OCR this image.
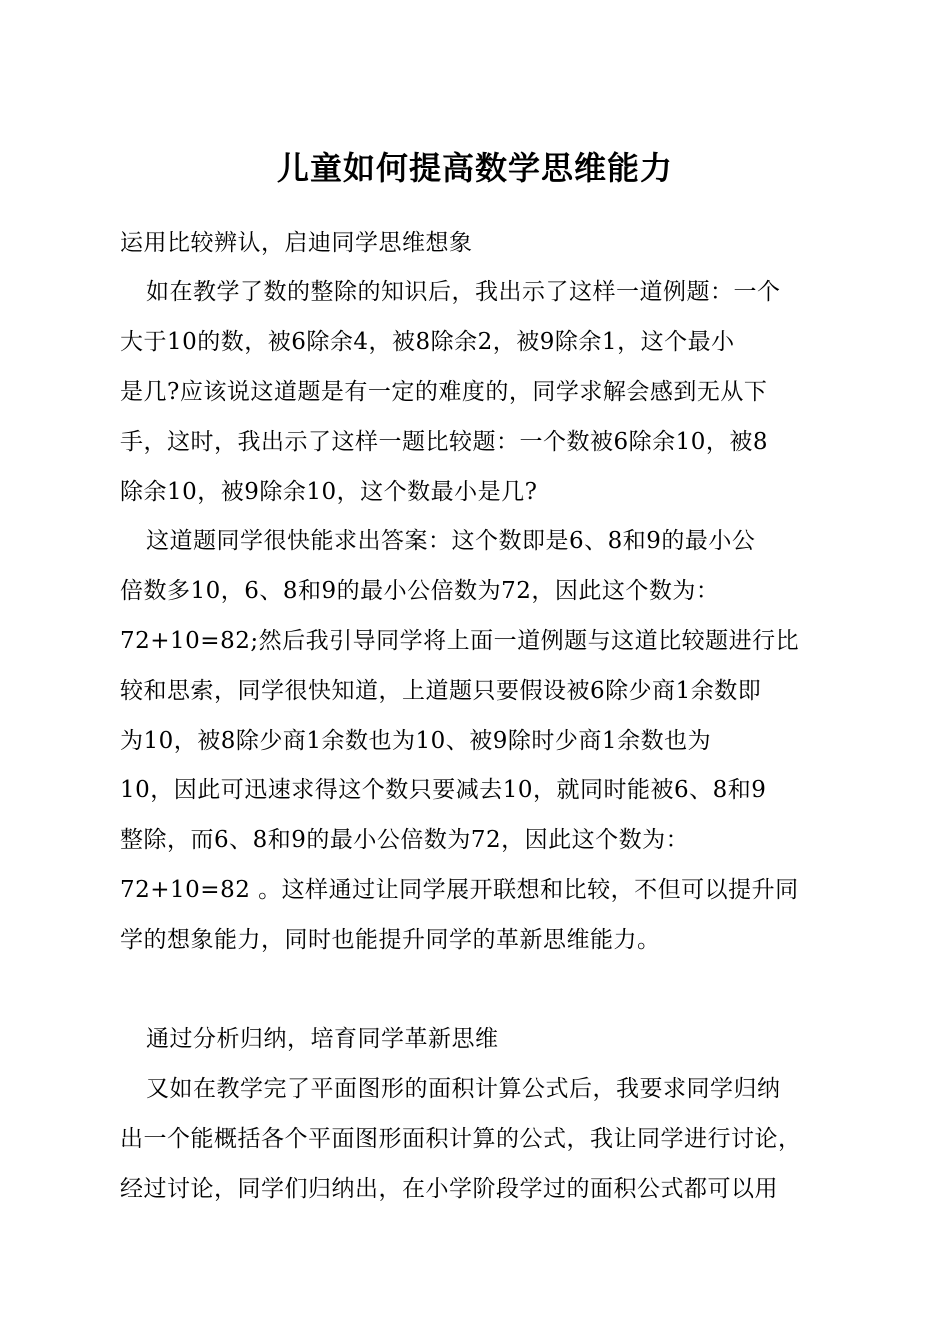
儿童如何提高数学思维能力

运用比较辨认，启迪同学思维想象

如在教学了数的整除的知识后，我出示了这样一道例题：一个

大于10的数，被6除余4，被8除余2，被9除余1，这个最小

是几?应该说这道题是有一定的难度的，同学求解会感到无从下

手，这时，我出示了这样一题比较题：一个数被6除余10，被8

除余10，被9除余10，这个数最小是几?

这道题同学很快能求出答案：这个数即是6、8和9的最小公

倍数多10，6、8和9的最小公倍数为72，因此这个数为：

72+10=82;然后我引导同学将上面一道例题与这道比较题进行比

较和思索，同学很快知道，上道题只要假设被6除少商1余数即

为10，被8除少商1余数也为10、被9除时少商1余数也为

10，因此可迅速求得这个数只要减去10，就同时能被6、8和9

整除，而6、8和9的最小公倍数为72，因此这个数为：

72+10=82 。这样通过让同学展开联想和比较，不但可以提升同

学的想象能力，同时也能提升同学的革新思维能力。

通过分析归纳，培育同学革新思维

又如在教学完了平面图形的面积计算公式后，我要求同学归纳

出一个能概括各个平面图形面积计算的公式，我让同学进行讨论，

经过讨论，同学们归纳出，在小学阶段学过的面积公式都可以用
